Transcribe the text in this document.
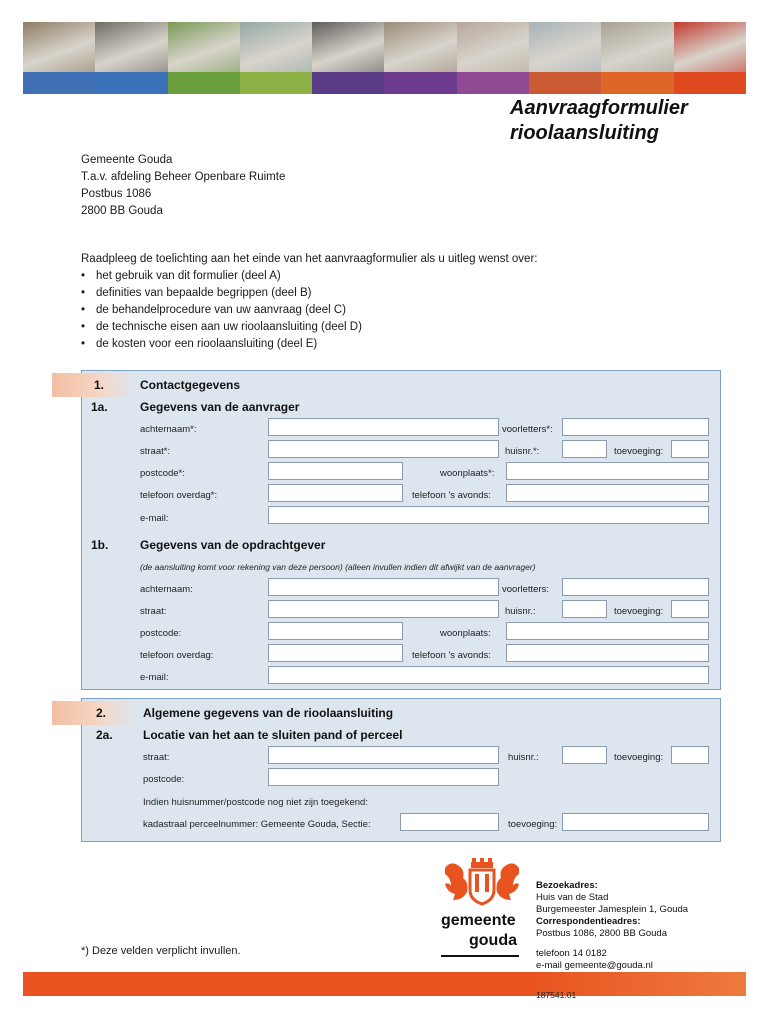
Aanvraagformulier
rioolaansluiting
Gemeente Gouda
T.a.v. afdeling Beheer Openbare Ruimte
Postbus 1086
2800 BB Gouda
Raadpleeg de toelichting aan het einde van het aanvraagformulier als u uitleg wenst over:
• het gebruik van dit formulier (deel A)
• definities van bepaalde begrippen (deel B)
• de behandelprocedure van uw aanvraag (deel C)
• de technische eisen aan uw rioolaansluiting (deel D)
• de kosten voor een rioolaansluiting (deel E)
1.	Contactgegevens
1a.	Gegevens van de aanvrager
achternaam*:	voorletters*:
straat*:	huisnr.*:	toevoeging:
postcode*:	woonplaats*:
telefoon overdag*:	telefoon 's avonds:
e-mail:
1b.	Gegevens van de opdrachtgever
(de aansluiting komt voor rekening van deze persoon) (alleen invullen indien dit afwijkt van de aanvrager)
achternaam:	voorletters:
straat:	huisnr.:	toevoeging:
postcode:	woonplaats:
telefoon overdag:	telefoon 's avonds:
e-mail:
2.	Algemene gegevens van de rioolaansluiting
2a.	Locatie van het aan te sluiten pand of perceel
straat:	huisnr.:	toevoeging:
postcode:
Indien huisnummer/postcode nog niet zijn toegekend:
kadastraal perceelnummer: Gemeente Gouda, Sectie:	toevoeging:
*) Deze velden verplicht invullen.
gemeente
gouda
Bezoekadres:
Huis van de Stad
Burgemeester Jamesplein 1, Gouda
Correspondentieadres:
Postbus 1086, 2800 BB Gouda
telefoon 14 0182
e-mail gemeente@gouda.nl
187541.01
